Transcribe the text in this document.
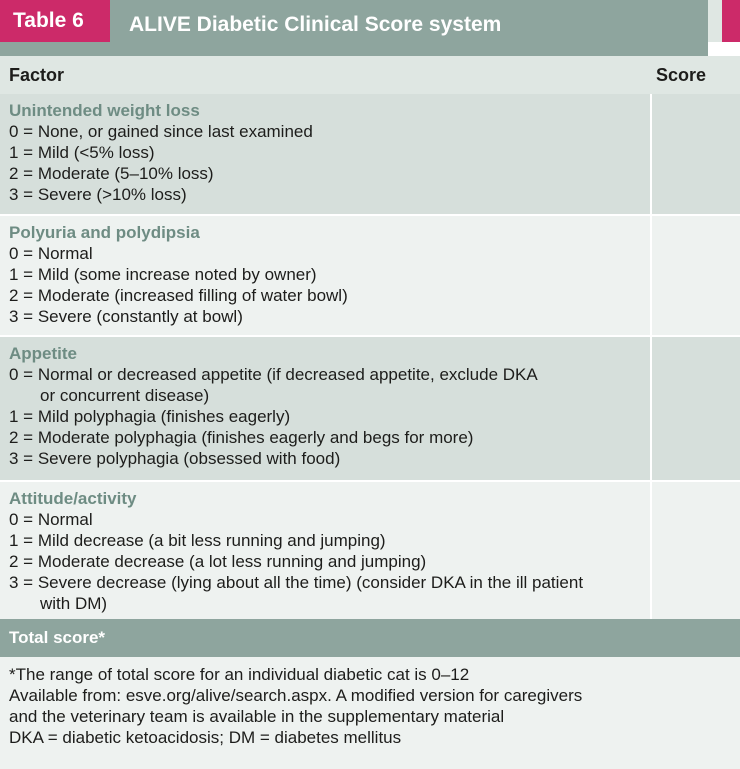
Table 6	ALIVE Diabetic Clinical Score system
Factor	Score
Unintended weight loss
0 = None, or gained since last examined
1 = Mild (<5% loss)
2 = Moderate (5–10% loss)
3 = Severe (>10% loss)
Polyuria and polydipsia
0 = Normal
1 = Mild (some increase noted by owner)
2 = Moderate (increased filling of water bowl)
3 = Severe (constantly at bowl)
Appetite
0 = Normal or decreased appetite (if decreased appetite, exclude DKA
or concurrent disease)
1 = Mild polyphagia (finishes eagerly)
2 = Moderate polyphagia (finishes eagerly and begs for more)
3 = Severe polyphagia (obsessed with food)
Attitude/activity
0 = Normal
1 = Mild decrease (a bit less running and jumping)
2 = Moderate decrease (a lot less running and jumping)
3 = Severe decrease (lying about all the time) (consider DKA in the ill patient
with DM)
Total score*
*The range of total score for an individual diabetic cat is 0–12
Available from: esve.org/alive/search.aspx. A modified version for caregivers
and the veterinary team is available in the supplementary material
DKA = diabetic ketoacidosis; DM = diabetes mellitus
